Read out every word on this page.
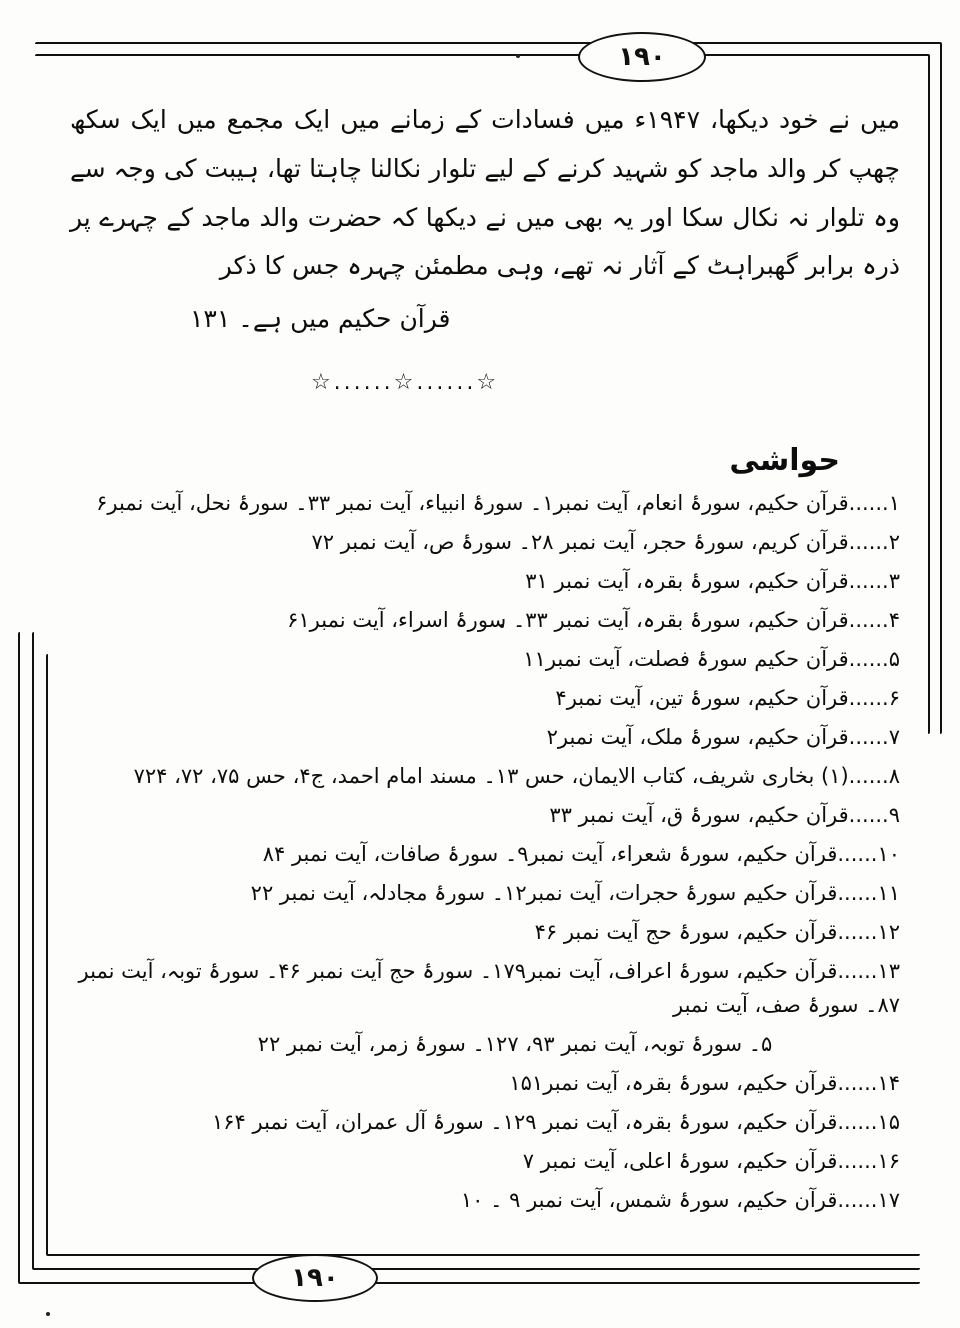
۱۹۰
۱۹۰

میں نے خود دیکھا، ۱۹۴۷ء میں فسادات کے زمانے میں ایک مجمع میں ایک سکھ چھپ کر والد ماجد کو شہید کرنے کے لیے تلوار نکالنا چاہتا تھا، ہیبت کی وجہ سے وہ تلوار نہ نکال سکا اور یہ بھی میں نے دیکھا کہ حضرت والد ماجد کے چہرے پر ذرہ برابر گھبراہٹ کے آثار نہ تھے، وہی مطمئن چہرہ جس کا ذکر

قرآن حکیم میں ہے۔ ۱۳۱

☆......☆......☆
حواشی
۱......قرآن حکیم، سورۂ انعام، آیت نمبر۱۔ سورۂ انبیاء، آیت نمبر ۳۳۔ سورۂ نحل، آیت نمبر۶
۲......قرآن کریم، سورۂ حجر، آیت نمبر ۲۸۔ سورۂ ص، آیت نمبر ۷۲
۳......قرآن حکیم، سورۂ بقرہ، آیت نمبر ۳۱
۴......قرآن حکیم، سورۂ بقرہ، آیت نمبر ۳۳۔ سورۂ اسراء، آیت نمبر۶۱
۵......قرآن حکیم سورۂ فصلت، آیت نمبر۱۱
۶......قرآن حکیم، سورۂ تین، آیت نمبر۴
۷......قرآن حکیم، سورۂ ملک، آیت نمبر۲
۸......(۱) بخاری شریف، کتاب الایمان، حس ۱۳۔ مسند امام احمد، ج۴، حس ۷۵، ۷۲، ۷۲۴
۹......قرآن حکیم، سورۂ ق، آیت نمبر ۳۳
۱۰......قرآن حکیم، سورۂ شعراء، آیت نمبر۹۔ سورۂ صافات، آیت نمبر ۸۴
۱۱......قرآن حکیم سورۂ حجرات، آیت نمبر۱۲۔ سورۂ مجادلہ، آیت نمبر ۲۲
۱۲......قرآن حکیم، سورۂ حج آیت نمبر ۴۶
۱۳......قرآن حکیم، سورۂ اعراف، آیت نمبر۱۷۹۔ سورۂ حج آیت نمبر ۴۶۔ سورۂ توبہ، آیت نمبر ۸۷۔ سورۂ صف، آیت نمبر
۵۔ سورۂ توبہ، آیت نمبر ۹۳، ۱۲۷۔ سورۂ زمر، آیت نمبر ۲۲
۱۴......قرآن حکیم، سورۂ بقرہ، آیت نمبر۱۵۱
۱۵......قرآن حکیم، سورۂ بقرہ، آیت نمبر ۱۲۹۔ سورۂ آل عمران، آیت نمبر ۱۶۴
۱۶......قرآن حکیم، سورۂ اعلی، آیت نمبر ۷
۱۷......قرآن حکیم، سورۂ شمس، آیت نمبر ۹ ۔ ۱۰
